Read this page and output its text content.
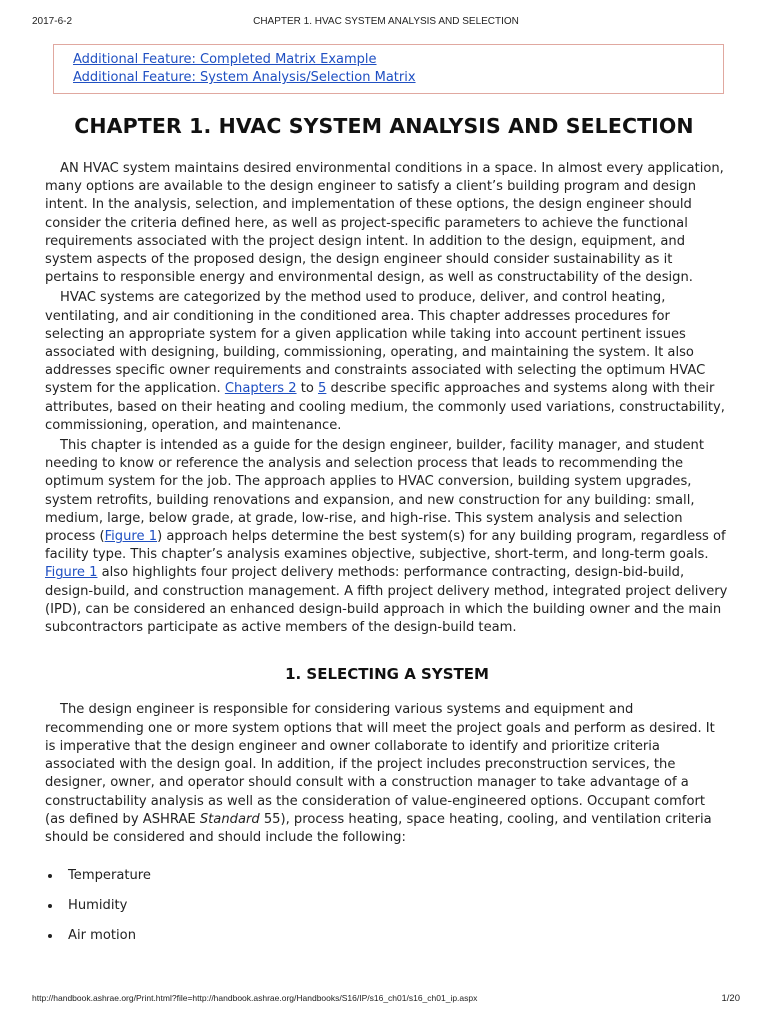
2017-6-2	CHAPTER 1. HVAC SYSTEM ANALYSIS AND SELECTION
Additional Feature: Completed Matrix Example
Additional Feature: System Analysis/Selection Matrix
CHAPTER 1. HVAC SYSTEM ANALYSIS AND SELECTION

AN HVAC system maintains desired environmental conditions in a space. In almost every application, many options are available to the design engineer to satisfy a client’s building program and design intent. In the analysis, selection, and implementation of these options, the design engineer should consider the criteria defined here, as well as project-specific parameters to achieve the functional requirements associated with the project design intent. In addition to the design, equipment, and system aspects of the proposed design, the design engineer should consider sustainability as it pertains to responsible energy and environmental design, as well as constructability of the design.

HVAC systems are categorized by the method used to produce, deliver, and control heating, ventilating, and air conditioning in the conditioned area. This chapter addresses procedures for selecting an appropriate system for a given application while taking into account pertinent issues associated with designing, building, commissioning, operating, and maintaining the system. It also addresses specific owner requirements and constraints associated with selecting the optimum HVAC system for the application. Chapters 2 to 5 describe specific approaches and systems along with their attributes, based on their heating and cooling medium, the commonly used variations, constructability, commissioning, operation, and maintenance.

This chapter is intended as a guide for the design engineer, builder, facility manager, and student needing to know or reference the analysis and selection process that leads to recommending the optimum system for the job. The approach applies to HVAC conversion, building system upgrades, system retrofits, building renovations and expansion, and new construction for any building: small, medium, large, below grade, at grade, low-rise, and high-rise. This system analysis and selection process (Figure 1) approach helps determine the best system(s) for any building program, regardless of facility type. This chapter’s analysis examines objective, subjective, short-term, and long-term goals. Figure 1 also highlights four project delivery methods: performance contracting, design-bid-build, design-build, and construction management. A fifth project delivery method, integrated project delivery (IPD), can be considered an enhanced design-build approach in which the building owner and the main subcontractors participate as active members of the design-build team.

1. SELECTING A SYSTEM

The design engineer is responsible for considering various systems and equipment and recommending one or more system options that will meet the project goals and perform as desired. It is imperative that the design engineer and owner collaborate to identify and prioritize criteria associated with the design goal. In addition, if the project includes preconstruction services, the designer, owner, and operator should consult with a construction manager to take advantage of a constructability analysis as well as the consideration of value-engineered options. Occupant comfort (as defined by ASHRAE Standard 55), process heating, space heating, cooling, and ventilation criteria should be considered and should include the following:

Temperature
Humidity
Air motion
http://handbook.ashrae.org/Print.html?file=http://handbook.ashrae.org/Handbooks/S16/IP/s16_ch01/s16_ch01_ip.aspx	1/20
